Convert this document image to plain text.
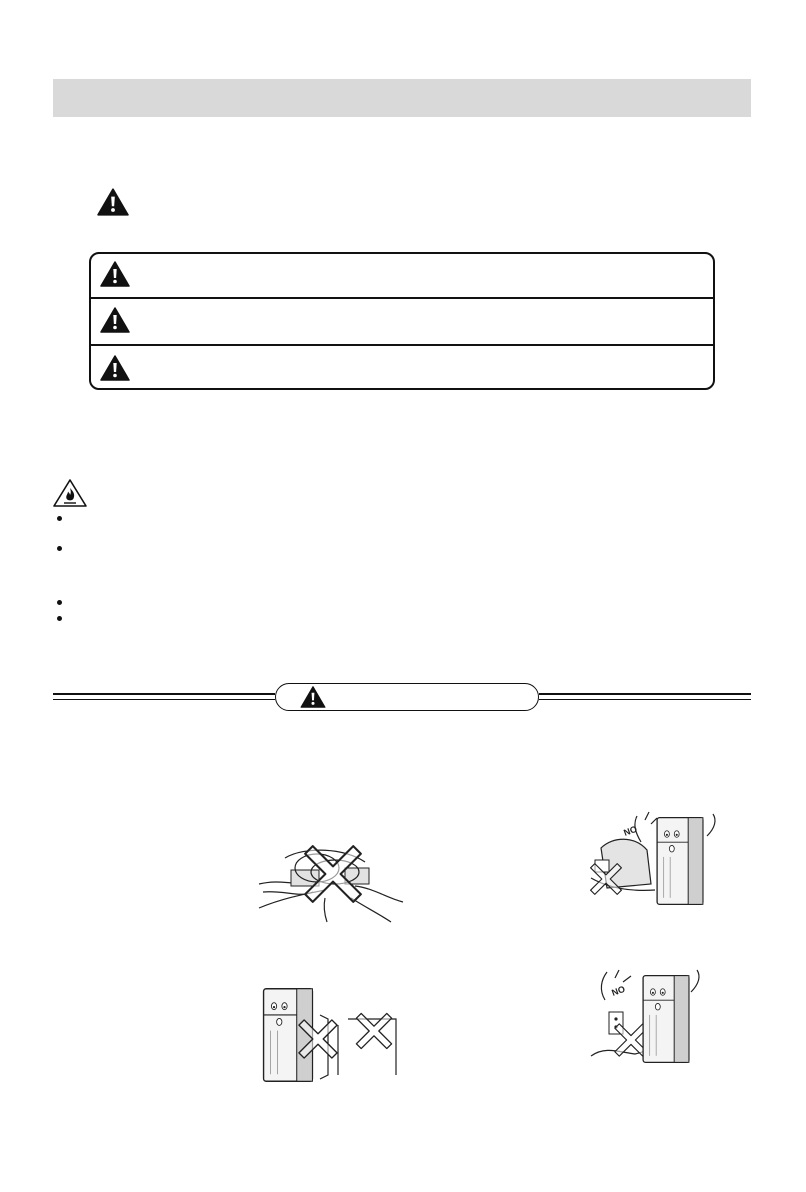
NO
NO
